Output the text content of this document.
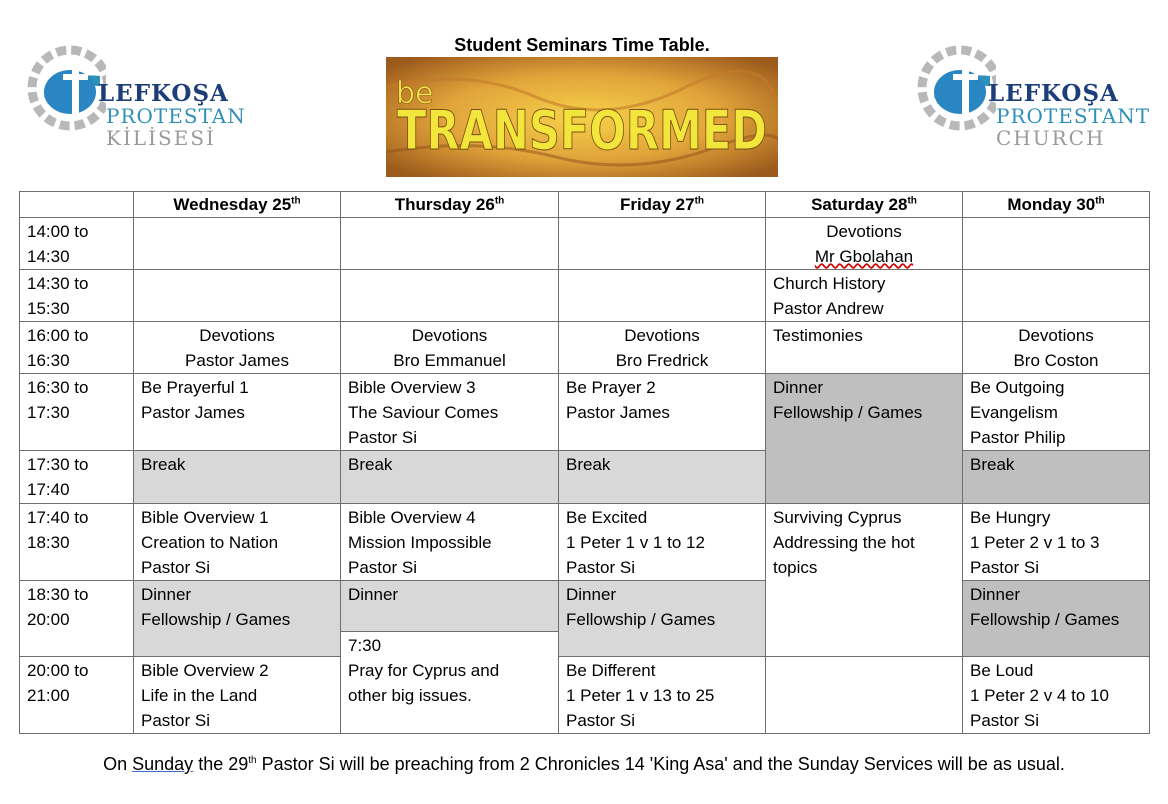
Student Seminars Time Table.
LEFKOŞA
PROTESTAN
KİLİSESİ
LEFKOŞA
PROTESTANT
CHURCH
be
TRANSFORMED
	Wednesday 25th	Thursday 26th	Friday 27th	Saturday 28th	Monday 30th

14:00 to
14:30				Devotions
Mr Gbolahan	

14:30 to
15:30				Church History
Pastor Andrew	

16:00 to
16:30	Devotions
Pastor James	Devotions
Bro Emmanuel	Devotions
Bro Fredrick	Testimonies	Devotions
Bro Coston

16:30 to
17:30	Be Prayerful 1
Pastor James	Bible Overview 3
The Saviour Comes
Pastor Si	Be Prayer 2
Pastor James	Dinner
Fellowship / Games	Be Outgoing
Evangelism
Pastor Philip

17:30 to
17:40	Break	Break	Break		Break

17:40 to
18:30	Bible Overview 1
Creation to Nation
Pastor Si	Bible Overview 4
Mission Impossible
Pastor Si	Be Excited
1 Peter 1 v 1 to 12
Pastor Si	Surviving Cyprus
Addressing the hot
topics	Be Hungry
1 Peter 2 v 1 to 3
Pastor Si

18:30 to
20:00	Dinner
Fellowship / Games	Dinner	Dinner
Fellowship / Games		Dinner
Fellowship / Games

		7:30
Pray for Cyprus and
other big issues.			

20:00 to
21:00	Bible Overview 2
Life in the Land
Pastor Si		Be Different
1 Peter 1 v 13 to 25
Pastor Si		Be Loud
1 Peter 2 v 4 to 10
Pastor Si
On Sunday the 29th Pastor Si will be preaching from 2 Chronicles 14 'King Asa' and the Sunday Services will be as usual.
